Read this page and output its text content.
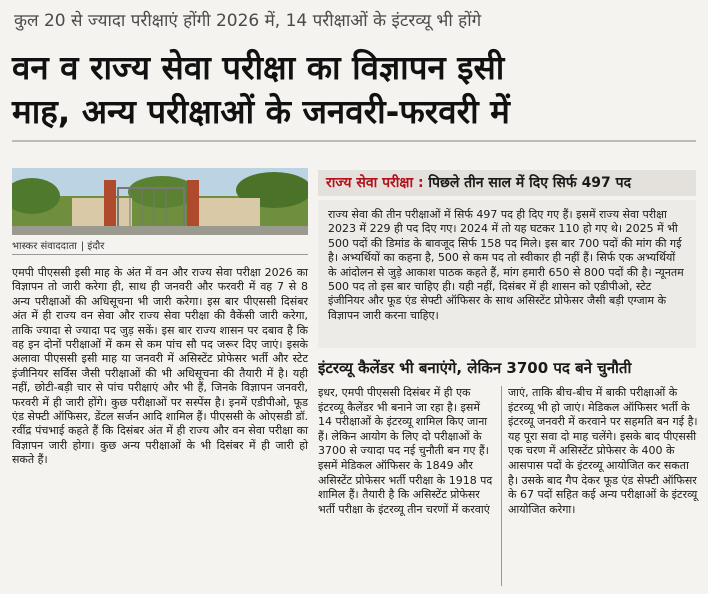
कुल 20 से ज्यादा परीक्षाएं होंगी 2026 में, 14 परीक्षाओं के इंटरव्यू भी होंगे
वन व राज्य सेवा परीक्षा का विज्ञापन इसी
माह, अन्य परीक्षाओं के जनवरी-फरवरी में
भास्कर संवाददाता | इंदौर
एमपी पीएससी इसी माह के अंत में वन और राज्य सेवा परीक्षा 2026 का विज्ञापन तो जारी करेगा ही, साथ ही जनवरी और फरवरी में वह 7 से 8 अन्य परीक्षाओं की अधिसूचना भी जारी करेगा। इस बार पीएससी दिसंबर अंत में ही राज्य वन सेवा और राज्य सेवा परीक्षा की वैकेंसी जारी करेगा, ताकि ज्यादा से ज्यादा पद जुड़ सकें। इस बार राज्य शासन पर दबाव है कि वह इन दोनों परीक्षाओं में कम से कम पांच सौ पद जरूर दिए जाएं। इसके अलावा पीएससी इसी माह या जनवरी में असिस्टेंट प्रोफेसर भर्ती और स्टेट इंजीनियर सर्विस जैसी परीक्षाओं की भी अधिसूचना की तैयारी में है। यही नहीं, छोटी-बड़ी चार से पांच परीक्षाएं और भी हैं, जिनके विज्ञापन जनवरी, फरवरी में ही जारी होंगे। कुछ परीक्षाओं पर सस्पेंस है। इनमें एडीपीओ, फूड एंड सेफ्टी ऑफिसर, डेंटल सर्जन आदि शामिल हैं। पीएससी के ओएसडी डॉ. रवींद्र पंचभाई कहते हैं कि दिसंबर अंत में ही राज्य और वन सेवा परीक्षा का विज्ञापन जारी होगा। कुछ अन्य परीक्षाओं के भी दिसंबर में ही जारी हो सकते हैं।
राज्य सेवा परीक्षा : पिछले तीन साल में दिए सिर्फ 497 पद
राज्य सेवा की तीन परीक्षाओं में सिर्फ 497 पद ही दिए गए हैं। इसमें राज्य सेवा परीक्षा 2023 में 229 ही पद दिए गए। 2024 में तो यह घटकर 110 हो गए थे। 2025 में भी 500 पदों की डिमांड के बावजूद सिर्फ 158 पद मिले। इस बार 700 पदों की मांग की गई है। अभ्यर्थियों का कहना है, 500 से कम पद तो स्वीकार ही नहीं हैं। सिर्फ एक अभ्यर्थियों के आंदोलन से जुड़े आकाश पाठक कहते हैं, मांग हमारी 650 से 800 पदों की है। न्यूनतम 500 पद तो इस बार चाहिए ही। यही नहीं, दिसंबर में ही शासन को एडीपीओ, स्टेट इंजीनियर और फूड एंड सेफ्टी ऑफिसर के साथ असिस्टेंट प्रोफेसर जैसी बड़ी एग्जाम के विज्ञापन जारी करना चाहिए।
इंटरव्यू कैलेंडर भी बनाएंगे, लेकिन 3700 पद बने चुनौती
इधर, एमपी पीएससी दिसंबर में ही एक इंटरव्यू कैलेंडर भी बनाने जा रहा है। इसमें 14 परीक्षाओं के इंटरव्यू शामिल किए जाना हैं। लेकिन आयोग के लिए दो परीक्षाओं के 3700 से ज्यादा पद नई चुनौती बन गए हैं। इसमें मेडिकल ऑफिसर के 1849 और असिस्टेंट प्रोफेसर भर्ती परीक्षा के 1918 पद शामिल हैं। तैयारी है कि असिस्टेंट प्रोफेसर भर्ती परीक्षा के इंटरव्यू तीन चरणों में करवाएं
जाएं, ताकि बीच-बीच में बाकी परीक्षाओं के इंटरव्यू भी हो जाएं। मेडिकल ऑफिसर भर्ती के इंटरव्यू जनवरी में करवाने पर सहमति बन गई है। यह पूरा सवा दो माह चलेंगे। इसके बाद पीएससी एक चरण में असिस्टेंट प्रोफेसर के 400 के आसपास पदों के इंटरव्यू आयोजित कर सकता है। उसके बाद गैप देकर फूड एंड सेफ्टी ऑफिसर के 67 पदों सहित कई अन्य परीक्षाओं के इंटरव्यू आयोजित करेगा।
